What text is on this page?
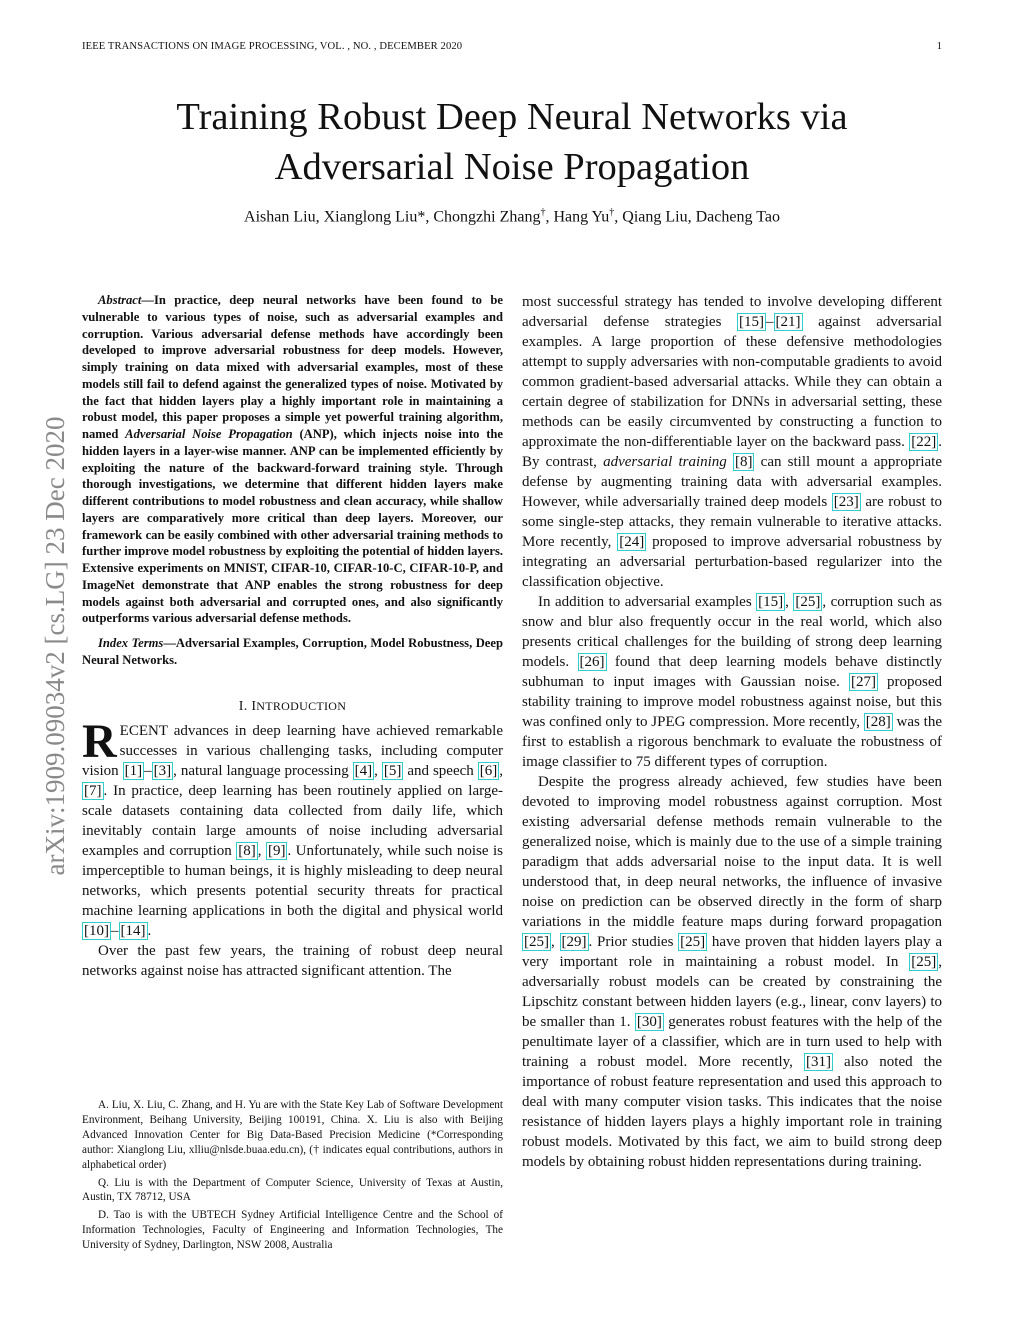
IEEE TRANSACTIONS ON IMAGE PROCESSING, VOL. , NO. , DECEMBER 2020	1
Training Robust Deep Neural Networks via
Adversarial Noise Propagation
Aishan Liu, Xianglong Liu*, Chongzhi Zhang†, Hang Yu†, Qiang Liu, Dacheng Tao
arXiv:1909.09034v2 [cs.LG] 23 Dec 2020

Abstract—In practice, deep neural networks have been found to be vulnerable to various types of noise, such as adversarial examples and corruption. Various adversarial defense methods have accordingly been developed to improve adversarial robustness for deep models. However, simply training on data mixed with adversarial examples, most of these models still fail to defend against the generalized types of noise. Motivated by the fact that hidden layers play a highly important role in maintaining a robust model, this paper proposes a simple yet powerful training algorithm, named Adversarial Noise Propagation (ANP), which injects noise into the hidden layers in a layer-wise manner. ANP can be implemented efficiently by exploiting the nature of the backward-forward training style. Through thorough investigations, we determine that different hidden layers make different contributions to model robustness and clean accuracy, while shallow layers are comparatively more critical than deep layers. Moreover, our framework can be easily combined with other adversarial training methods to further improve model robustness by exploiting the potential of hidden layers. Extensive experiments on MNIST, CIFAR-10, CIFAR-10-C, CIFAR-10-P, and ImageNet demonstrate that ANP enables the strong robustness for deep models against both adversarial and corrupted ones, and also significantly outperforms various adversarial defense methods.

Index Terms—Adversarial Examples, Corruption, Model Robustness, Deep Neural Networks.

I. INTRODUCTION

RECENT advances in deep learning have achieved remarkable successes in various challenging tasks, including computer vision [1] – [3] , natural language processing [4] , [5] and speech [6] , [7] . In practice, deep learning has been routinely applied on large-scale datasets containing data collected from daily life, which inevitably contain large amounts of noise including adversarial examples and corruption [8] , [9] . Unfortunately, while such noise is imperceptible to human beings, it is highly misleading to deep neural networks, which presents potential security threats for practical machine learning applications in both the digital and physical world [10] – [14] .

Over the past few years, the training of robust deep neural networks against noise has attracted significant attention. The

A. Liu, X. Liu, C. Zhang, and H. Yu are with the State Key Lab of Software Development Environment, Beihang University, Beijing 100191, China. X. Liu is also with Beijing Advanced Innovation Center for Big Data-Based Precision Medicine (*Corresponding author: Xianglong Liu, xlliu@nlsde.buaa.edu.cn), († indicates equal contributions, authors in alphabetical order)

Q. Liu is with the Department of Computer Science, University of Texas at Austin, Austin, TX 78712, USA

D. Tao is with the UBTECH Sydney Artificial Intelligence Centre and the School of Information Technologies, Faculty of Engineering and Information Technologies, The University of Sydney, Darlington, NSW 2008, Australia

most successful strategy has tended to involve developing different adversarial defense strategies [15] – [21] against adversarial examples. A large proportion of these defensive methodologies attempt to supply adversaries with non-computable gradients to avoid common gradient-based adversarial attacks. While they can obtain a certain degree of stabilization for DNNs in adversarial setting, these methods can be easily circumvented by constructing a function to approximate the non-differentiable layer on the backward pass. [22] . By contrast, adversarial training [8] can still mount a appropriate defense by augmenting training data with adversarial examples. However, while adversarially trained deep models [23] are robust to some single-step attacks, they remain vulnerable to iterative attacks. More recently, [24] proposed to improve adversarial robustness by integrating an adversarial perturbation-based regularizer into the classification objective.

In addition to adversarial examples [15] , [25] , corruption such as snow and blur also frequently occur in the real world, which also presents critical challenges for the building of strong deep learning models. [26] found that deep learning models behave distinctly subhuman to input images with Gaussian noise. [27] proposed stability training to improve model robustness against noise, but this was confined only to JPEG compression. More recently, [28] was the first to establish a rigorous benchmark to evaluate the robustness of image classifier to 75 different types of corruption.

Despite the progress already achieved, few studies have been devoted to improving model robustness against corruption. Most existing adversarial defense methods remain vulnerable to the generalized noise, which is mainly due to the use of a simple training paradigm that adds adversarial noise to the input data. It is well understood that, in deep neural networks, the influence of invasive noise on prediction can be observed directly in the form of sharp variations in the middle feature maps during forward propagation [25] , [29] . Prior studies [25] have proven that hidden layers play a very important role in maintaining a robust model. In [25] , adversarially robust models can be created by constraining the Lipschitz constant between hidden layers (e.g., linear, conv layers) to be smaller than 1. [30] generates robust features with the help of the penultimate layer of a classifier, which are in turn used to help with training a robust model. More recently, [31] also noted the importance of robust feature representation and used this approach to deal with many computer vision tasks. This indicates that the noise resistance of hidden layers plays a highly important role in training robust models. Motivated by this fact, we aim to build strong deep models by obtaining robust hidden representations during training.
